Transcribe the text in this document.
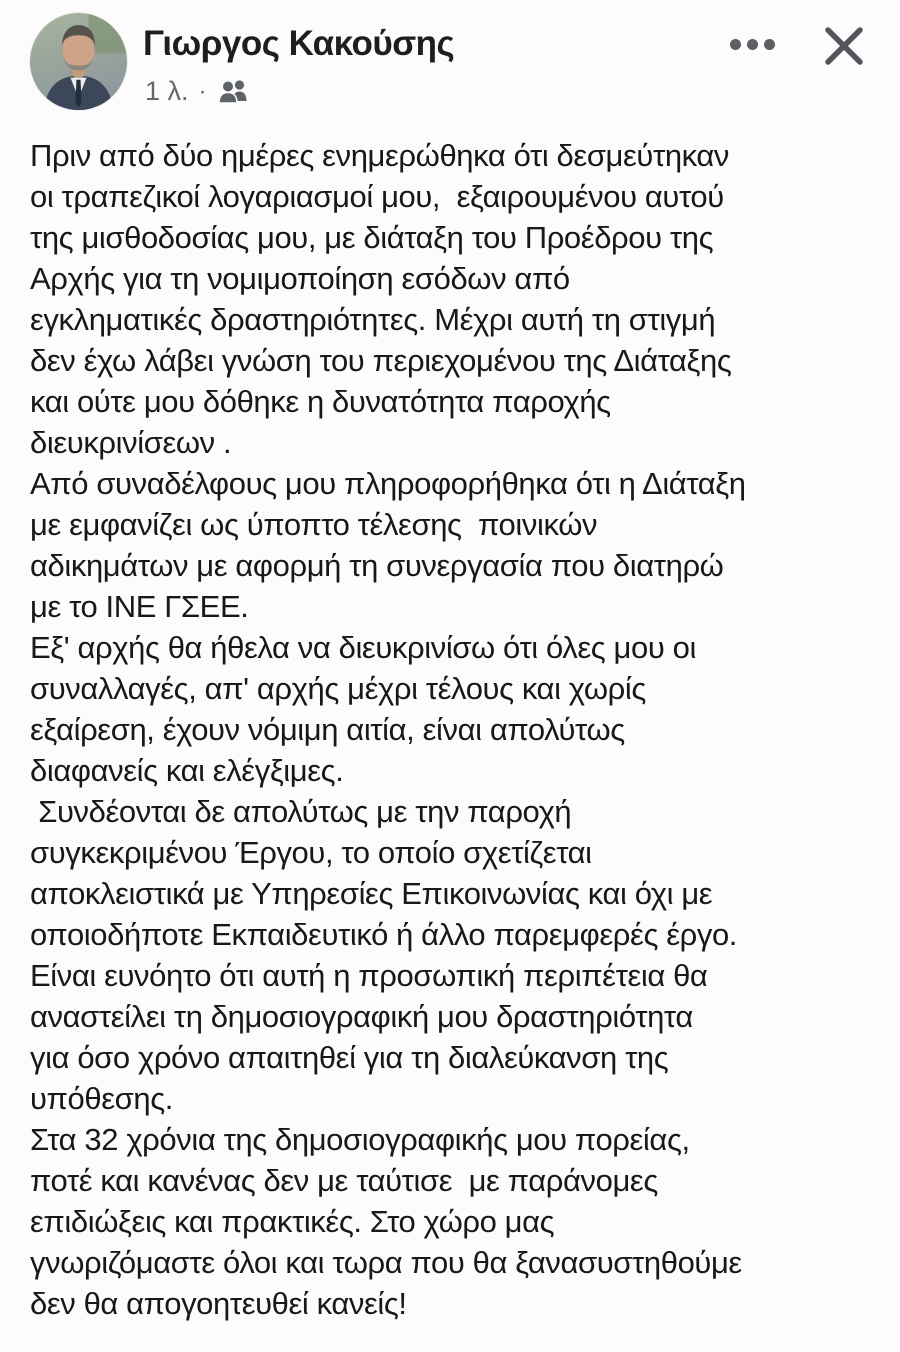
Γιωργος Κακούσης
1 λ. ·
Πριν από δύο ημέρες ενημερώθηκα ότι δεσμεύτηκαν
οι τραπεζικοί λογαριασμοί μου,  εξαιρουμένου αυτού
της μισθοδοσίας μου, με διάταξη του Προέδρου της
Αρχής για τη νομιμοποίηση εσόδων από
εγκληματικές δραστηριότητες. Μέχρι αυτή τη στιγμή
δεν έχω λάβει γνώση του περιεχομένου της Διάταξης
και ούτε μου δόθηκε η δυνατότητα παροχής
διευκρινίσεων .
Από συναδέλφους μου πληροφορήθηκα ότι η Διάταξη
με εμφανίζει ως ύποπτο τέλεσης  ποινικών
αδικημάτων με αφορμή τη συνεργασία που διατηρώ
με το ΙΝΕ ΓΣΕΕ.
Εξ' αρχής θα ήθελα να διευκρινίσω ότι όλες μου οι
συναλλαγές, απ' αρχής μέχρι τέλους και χωρίς
εξαίρεση, έχουν νόμιμη αιτία, είναι απολύτως
διαφανείς και ελέγξιμες.
Συνδέονται δε απολύτως με την παροχή
συγκεκριμένου Έργου, το οποίο σχετίζεται
αποκλειστικά με Υπηρεσίες Επικοινωνίας και όχι με
οποιοδήποτε Εκπαιδευτικό ή άλλο παρεμφερές έργο.
Είναι ευνόητο ότι αυτή η προσωπική περιπέτεια θα
αναστείλει τη δημοσιογραφική μου δραστηριότητα
για όσο χρόνο απαιτηθεί για τη διαλεύκανση της
υπόθεσης.
Στα 32 χρόνια της δημοσιογραφικής μου πορείας,
ποτέ και κανένας δεν με ταύτισε  με παράνομες
επιδιώξεις και πρακτικές. Στο χώρο μας
γνωριζόμαστε όλοι και τωρα που θα ξανασυστηθούμε
δεν θα απογοητευθεί κανείς!
